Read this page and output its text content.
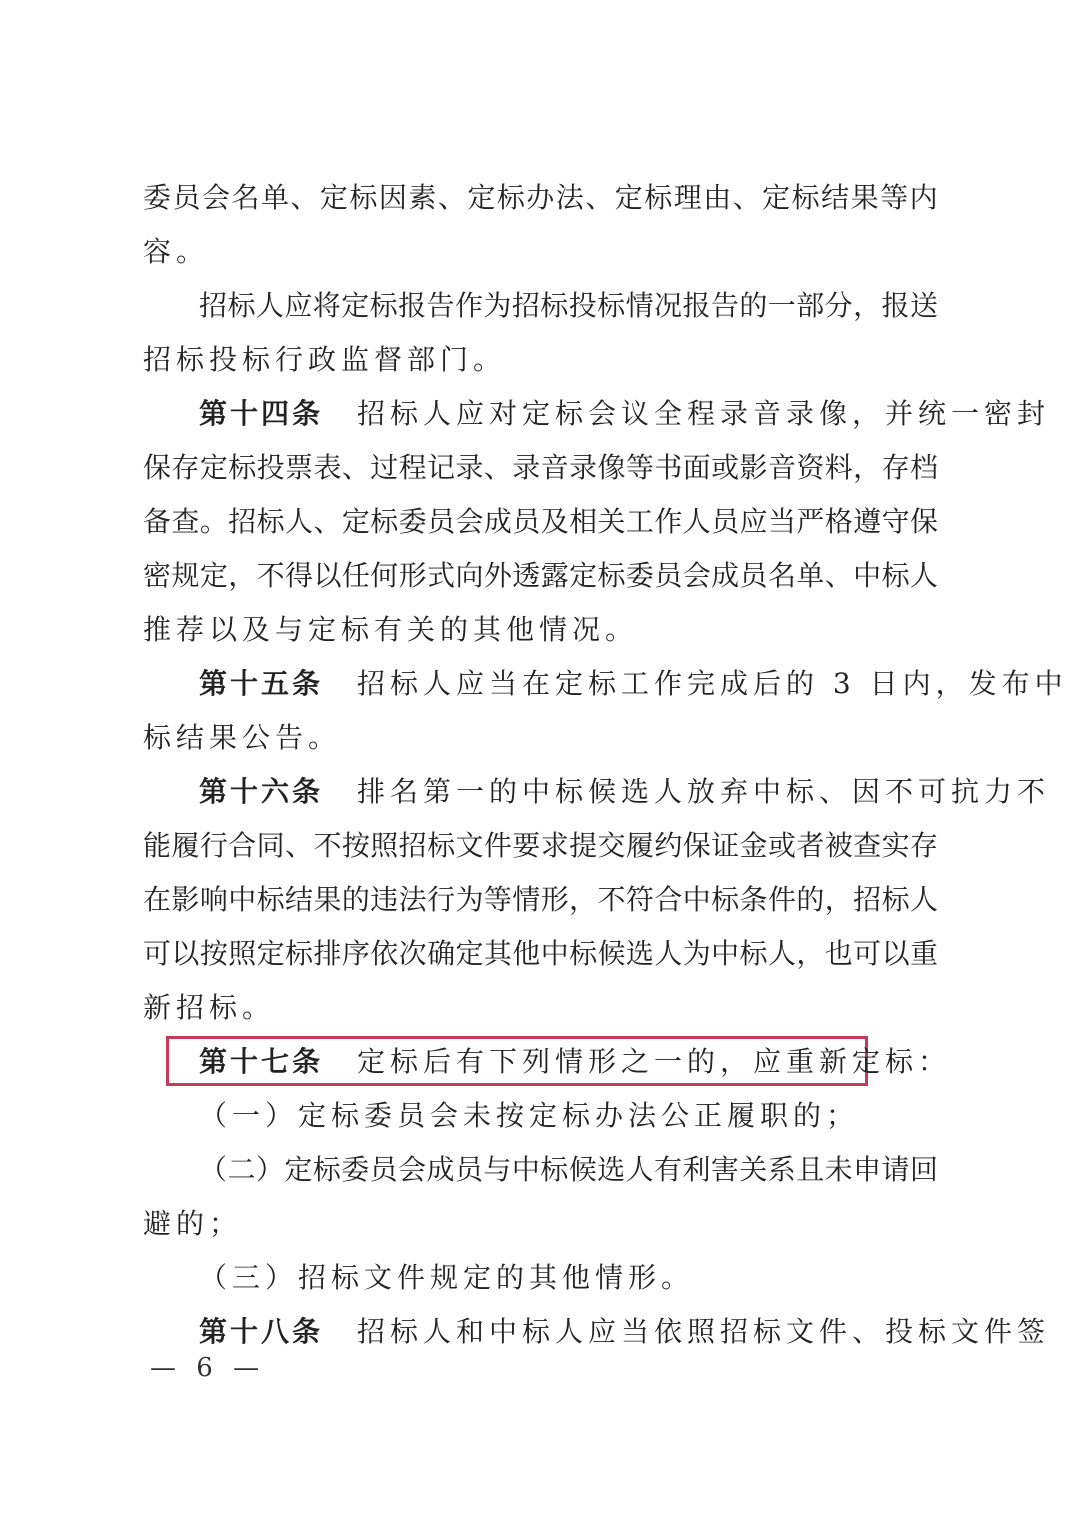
委 员 会 名 单 、 定 标 因 素 、 定 标 办 法 、 定 标 理 由 、 定 标 结 果 等 内
容。
招 标 人 应 将 定 标 报 告 作 为 招 标 投 标 情 况 报 告 的 一 部 分 ， 报 送
招标投标行政监督部门。
第十四条 招标人应对定标会议全程录音录像，并统一密封
保 存 定 标 投 票 表 、 过 程 记 录 、 录 音 录 像 等 书 面 或 影 音 资 料 ， 存 档
备 查 。 招 标 人 、 定 标 委 员 会 成 员 及 相 关 工 作 人 员 应 当 严 格 遵 守 保
密 规 定 ， 不 得 以 任 何 形 式 向 外 透 露 定 标 委 员 会 成 员 名 单 、 中 标 人
推荐以及与定标有关的其他情况。
第十五条 招标人应当在定标工作完成后的 3 日内，发布中
标结果公告。
第十六条 排名第一的中标候选人放弃中标、因不可抗力不
能 履 行 合 同 、 不 按 照 招 标 文 件 要 求 提 交 履 约 保 证 金 或 者 被 查 实 存
在 影 响 中 标 结 果 的 违 法 行 为 等 情 形 ， 不 符 合 中 标 条 件 的 ， 招 标 人
可 以 按 照 定 标 排 序 依 次 确 定 其 他 中 标 候 选 人 为 中 标 人 ， 也 可 以 重
新招标。
第十七条 定标后有下列情形之一的，应重新定标：
（一）定标委员会未按定标办法公正履职的；
（ 二 ） 定 标 委 员 会 成 员 与 中 标 候 选 人 有 利 害 关 系 且 未 申 请 回
避的；
（三）招标文件规定的其他情形。
第十八条 招标人和中标人应当依照招标文件、投标文件签
— 6 —
